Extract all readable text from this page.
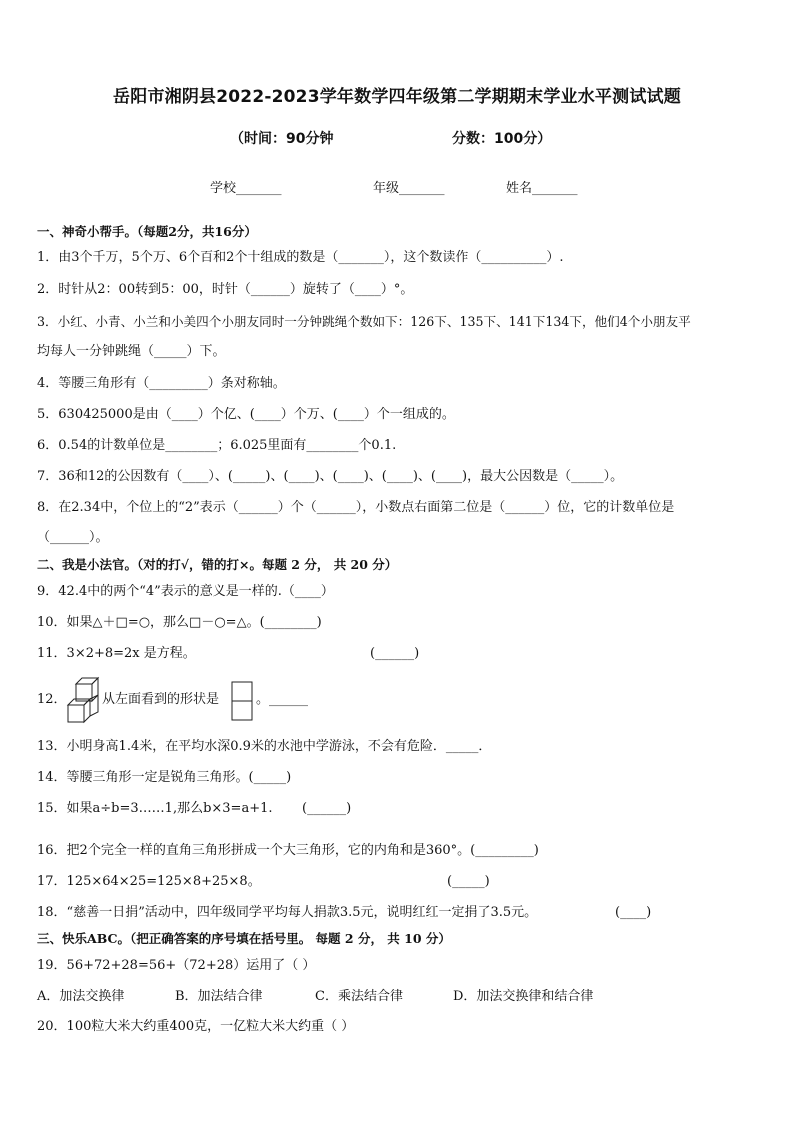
岳阳市湘阴县2022-2023学年数学四年级第二学期期末学业水平测试试题
（时间：90分钟	分数：100分）
学校_______	年级_______	姓名_______
一、神奇小帮手。（每题2分，共16分）
1．由3个千万，5个万、6个百和2个十组成的数是（_______），这个数读作（__________）.
2．时针从2：00转到5：00，时针（______）旋转了（____）°。
3．小红、小青、小兰和小美四个小朋友同时一分钟跳绳个数如下：126下、135下、141下134下，他们4个小朋友平
均每人一分钟跳绳（_____）下。
4．等腰三角形有（_________）条对称轴。
5．630425000是由（____）个亿、(____）个万、(____）个一组成的。
6．0.54的计数单位是________；6.025里面有________个0.1.
7．36和12的公因数有（____）、(_____)、(____)、(____)、(____)、(____)，最大公因数是（_____）。
8．在2.34中，个位上的“2”表示（______）个（______），小数点右面第二位是（______）位，它的计数单位是
（______）。
二、我是小法官。（对的打√，错的打×。每题 2 分， 共 20 分）
9．42.4中的两个“4”表示的意义是一样的.（____）
10．如果△＋□=○，那么□－○=△。(________)
11．3×2+8=2x 是方程。	(______)
12．	从左面看到的形状是	。______
13．小明身高1.4米，在平均水深0.9米的水池中学游泳，不会有危险．_____．
14．等腰三角形一定是锐角三角形。(_____)
15．如果a÷b=3……1,那么b×3=a+1. (______)
16．把2个完全一样的直角三角形拼成一个大三角形，它的内角和是360°。(_________)
17．125×64×25=125×8+25×8。	(_____)
18．“慈善一日捐”活动中，四年级同学平均每人捐款3.5元，说明红红一定捐了3.5元。	(____)
三、快乐ABC。（把正确答案的序号填在括号里。 每题 2 分， 共 10 分）
19．56+72+28=56+（72+28）运用了（ ）
A．加法交换律	B．加法结合律	C．乘法结合律	D．加法交换律和结合律
20．100粒大米大约重400克，一亿粒大米大约重（ ）
